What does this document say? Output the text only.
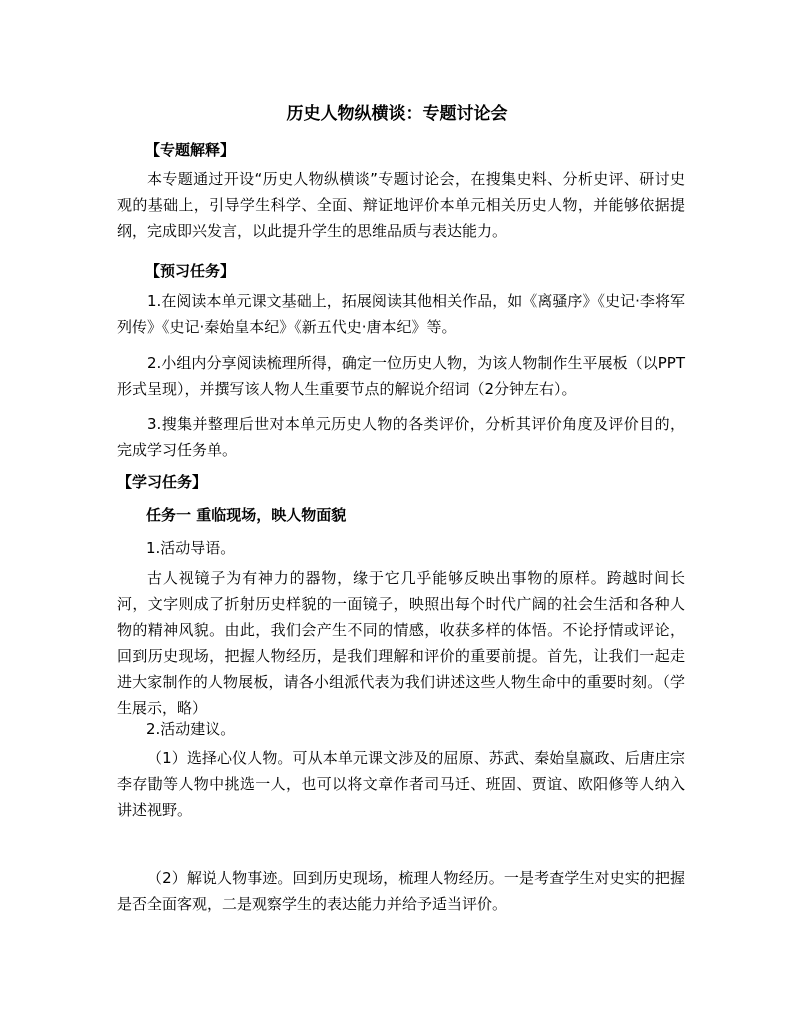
历史人物纵横谈：专题讨论会
【专题解释】
本专题通过开设“历史人物纵横谈”专题讨论会，在搜集史料、分析史评、研讨史观的基础上，引导学生科学、全面、辩证地评价本单元相关历史人物，并能够依据提纲，完成即兴发言，以此提升学生的思维品质与表达能力。
【预习任务】
1.在阅读本单元课文基础上，拓展阅读其他相关作品，如《离骚序》《史记·李将军列传》《史记·秦始皇本纪》《新五代史·唐本纪》等。
2.小组内分享阅读梳理所得，确定一位历史人物，为该人物制作生平展板（以PPT形式呈现），并撰写该人物人生重要节点的解说介绍词（2分钟左右）。
3.搜集并整理后世对本单元历史人物的各类评价，分析其评价角度及评价目的，完成学习任务单。
【学习任务】
任务一 重临现场，映人物面貌
1.活动导语。
古人视镜子为有神力的器物，缘于它几乎能够反映出事物的原样。跨越时间长河，文字则成了折射历史样貌的一面镜子，映照出每个时代广阔的社会生活和各种人物的精神风貌。由此，我们会产生不同的情感，收获多样的体悟。不论抒情或评论，回到历史现场，把握人物经历，是我们理解和评价的重要前提。首先，让我们一起走进大家制作的人物展板，请各小组派代表为我们讲述这些人物生命中的重要时刻。（学生展示，略）
2.活动建议。
（1）选择心仪人物。可从本单元课文涉及的屈原、苏武、秦始皇嬴政、后唐庄宗李存勖等人物中挑选一人，也可以将文章作者司马迁、班固、贾谊、欧阳修等人纳入讲述视野。
（2）解说人物事迹。回到历史现场，梳理人物经历。一是考查学生对史实的把握是否全面客观，二是观察学生的表达能力并给予适当评价。
